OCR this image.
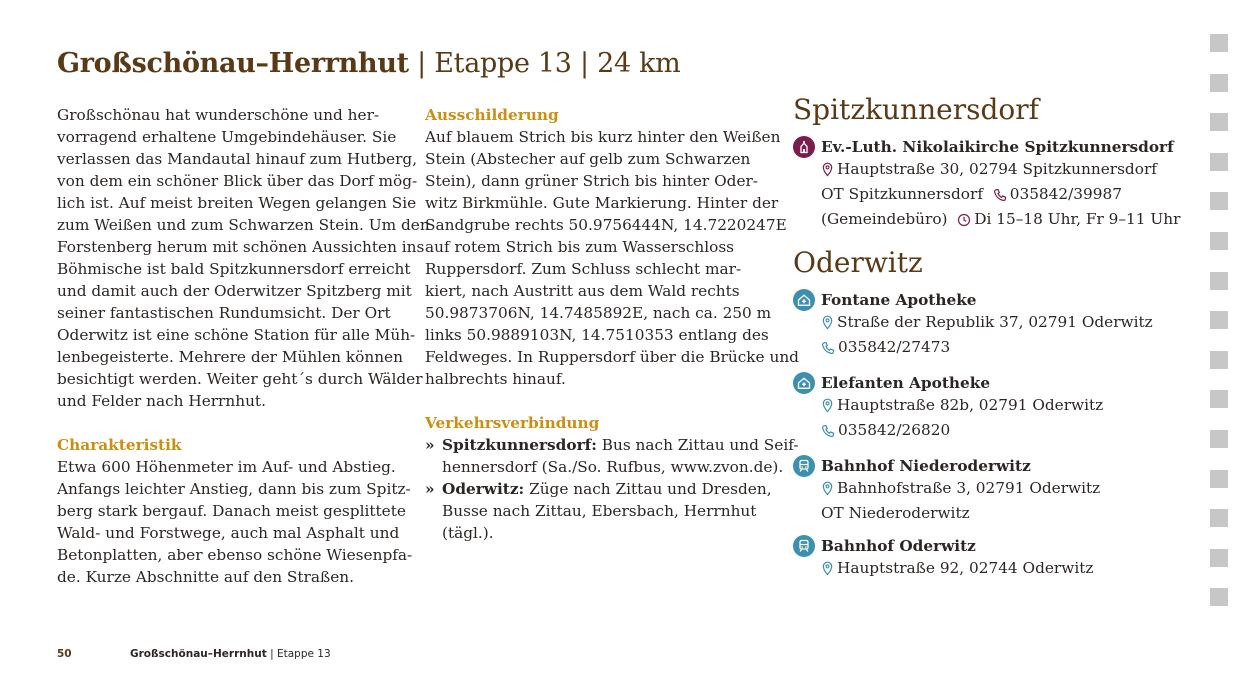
Großschönau–Herrnhut | Etappe 13 | 24 km
Großschönau hat wunderschöne und her-
vorragend erhaltene Umgebindehäuser. Sie
verlassen das Mandautal hinauf zum Hutberg,
von dem ein schöner Blick über das Dorf mög-
lich ist. Auf meist breiten Wegen gelangen Sie
zum Weißen und zum Schwarzen Stein. Um den
Forstenberg herum mit schönen Aussichten ins
Böhmische ist bald Spitzkunnersdorf erreicht
und damit auch der Oderwitzer Spitzberg mit
seiner fantastischen Rundumsicht. Der Ort
Oderwitz ist eine schöne Station für alle Müh-
lenbegeisterte. Mehrere der Mühlen können
besichtigt werden. Weiter geht´s durch Wälder
und Felder nach Herrnhut.
Charakteristik
Etwa 600 Höhenmeter im Auf- und Abstieg.
Anfangs leichter Anstieg, dann bis zum Spitz-
berg stark bergauf. Danach meist gesplittete
Wald- und Forstwege, auch mal Asphalt und
Betonplatten, aber ebenso schöne Wiesenpfa-
de. Kurze Abschnitte auf den Straßen.
Ausschilderung
Auf blauem Strich bis kurz hinter den Weißen
Stein (Abstecher auf gelb zum Schwarzen
Stein), dann grüner Strich bis hinter Oder-
witz Birkmühle. Gute Markierung. Hinter der
Sandgrube rechts 50.9756444N, 14.7220247E
auf rotem Strich bis zum Wasserschloss
Ruppersdorf. Zum Schluss schlecht mar-
kiert, nach Austritt aus dem Wald rechts
50.9873706N, 14.7485892E, nach ca. 250 m
links 50.9889103N, 14.7510353 entlang des
Feldweges. In Ruppersdorf über die Brücke und
halbrechts hinauf.
Verkehrsverbindung
» Spitzkunnersdorf: Bus nach Zittau und Seif-
hennersdorf (Sa./So. Rufbus, www.zvon.de).
» Oderwitz: Züge nach Zittau und Dresden,
Busse nach Zittau, Ebersbach, Herrnhut
(tägl.).
Spitzkunnersdorf
Ev.-Luth. Nikolaikirche Spitzkunnersdorf
Hauptstraße 30, 02794 Spitzkunnersdorf
OT Spitzkunnersdorf 035842/39987
(Gemeindebüro) Di 15–18 Uhr, Fr 9–11 Uhr
Oderwitz
Fontane Apotheke
Straße der Republik 37, 02791 Oderwitz
035842/27473
Elefanten Apotheke
Hauptstraße 82b, 02791 Oderwitz
035842/26820
Bahnhof Niederoderwitz
Bahnhofstraße 3, 02791 Oderwitz
OT Niederoderwitz
Bahnhof Oderwitz
Hauptstraße 92, 02744 Oderwitz
50	Großschönau–Herrnhut | Etappe 13
